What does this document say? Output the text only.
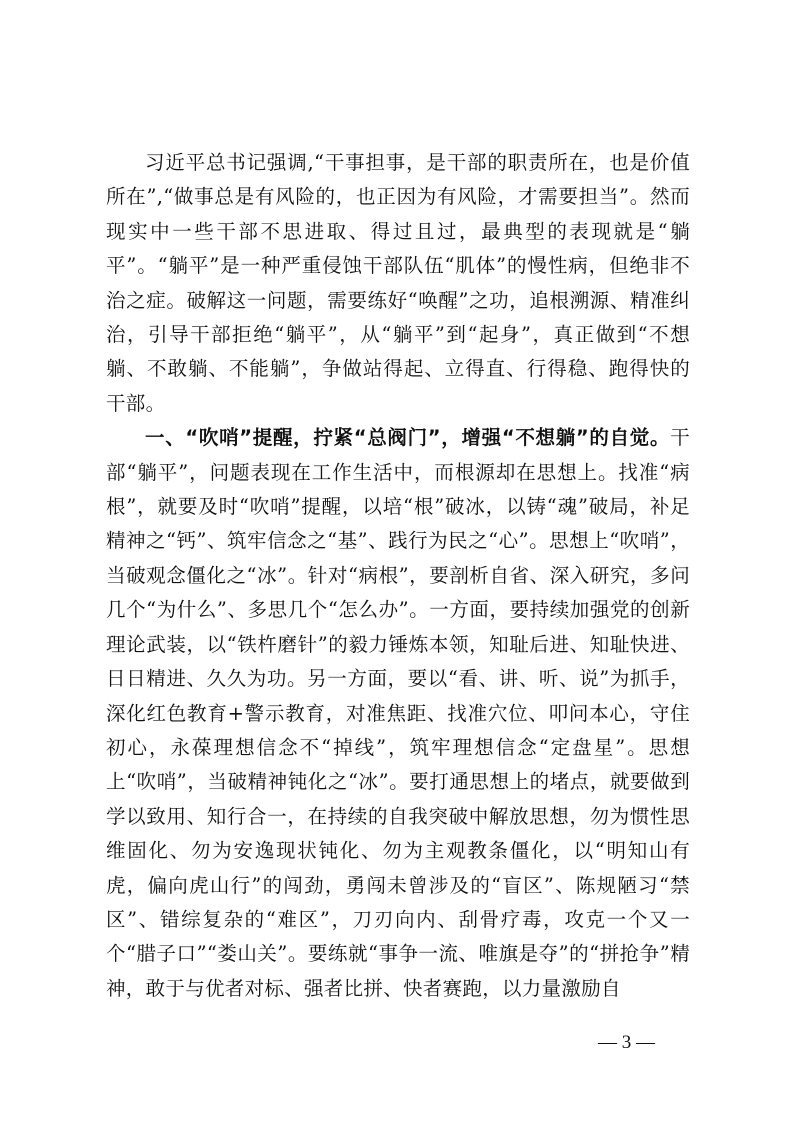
习近平总书记强调,“干事担事，是干部的职责所在，也是价值所在”,“做事总是有风险的，也正因为有风险，才需要担当”。然而现实中一些干部不思进取、得过且过，最典型的表现就是“躺平”。“躺平”是一种严重侵蚀干部队伍“肌体”的慢性病，但绝非不治之症。破解这一问题，需要练好“唤醒”之功，追根溯源、精准纠治，引导干部拒绝“躺平”，从“躺平”到“起身”，真正做到“不想躺、不敢躺、不能躺”，争做站得起、立得直、行得稳、跑得快的干部。

一、“吹哨”提醒，拧紧“总阀门”，增强“不想躺”的自觉。干部“躺平”，问题表现在工作生活中，而根源却在思想上。找准“病根”，就要及时“吹哨”提醒，以培“根”破冰，以铸“魂”破局，补足精神之“钙”、筑牢信念之“基”、践行为民之“心”。思想上“吹哨”，当破观念僵化之“冰”。针对“病根”，要剖析自省、深入研究，多问几个“为什么”、多思几个“怎么办”。一方面，要持续加强党的创新理论武装，以“铁杵磨针”的毅力锤炼本领，知耻后进、知耻快进、日日精进、久久为功。另一方面，要以“看、讲、听、说”为抓手，深化红色教育+警示教育，对准焦距、找准穴位、叩问本心，守住初心，永葆理想信念不“掉线”，筑牢理想信念“定盘星”。思想上“吹哨”，当破精神钝化之“冰”。要打通思想上的堵点，就要做到学以致用、知行合一，在持续的自我突破中解放思想，勿为惯性思维固化、勿为安逸现状钝化、勿为主观教条僵化，以“明知山有虎，偏向虎山行”的闯劲，勇闯未曾涉及的“盲区”、陈规陋习“禁区”、错综复杂的“难区”，刀刃向内、刮骨疗毒，攻克一个又一个“腊子口”“娄山关”。要练就“事争一流、唯旗是夺”的“拼抢争”精神，敢于与优者对标、强者比拼、快者赛跑，以力量激励自

— 3 —
